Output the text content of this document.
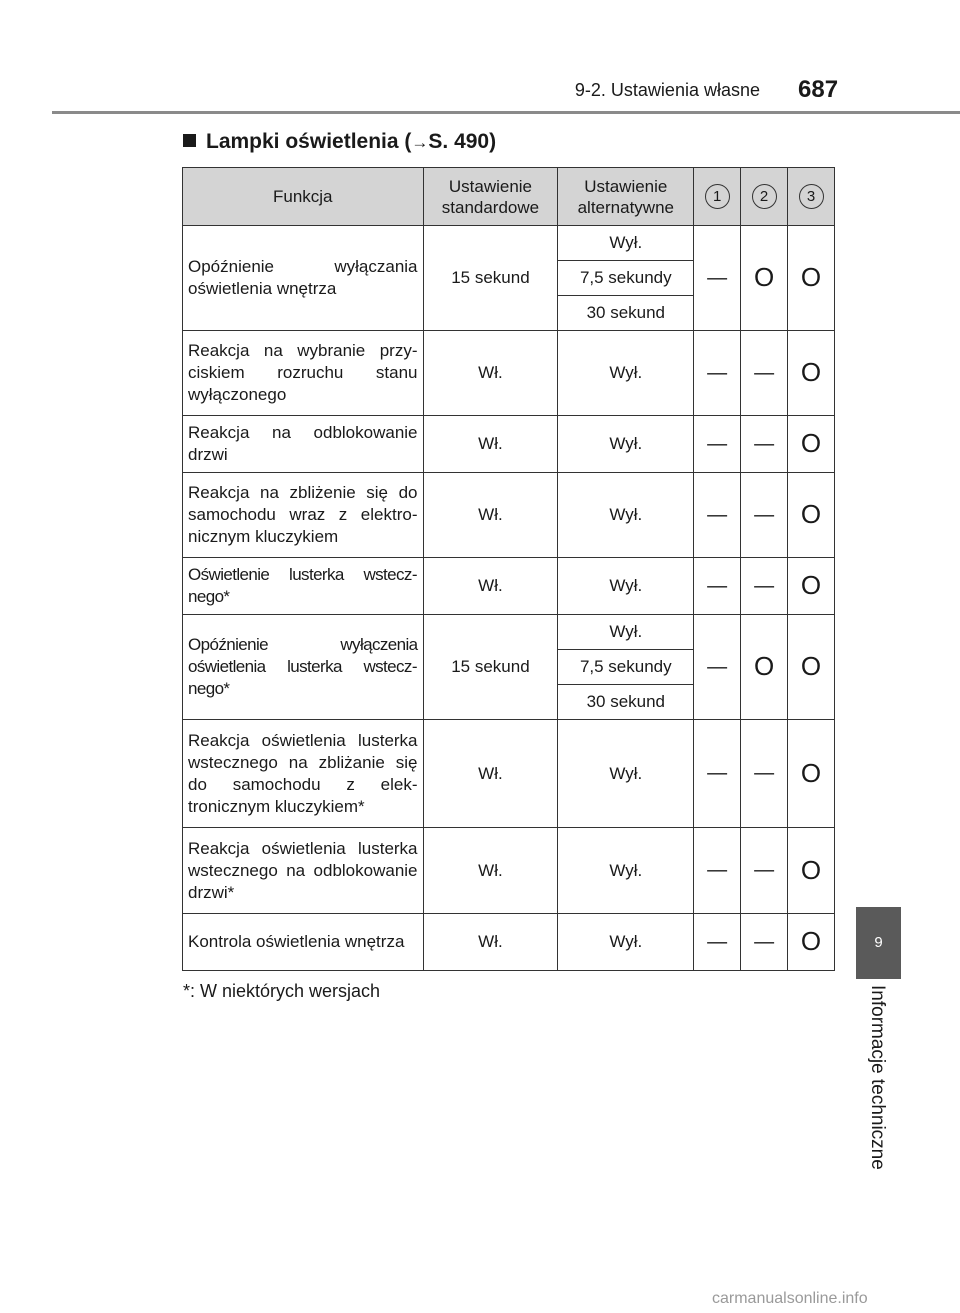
9-2. Ustawienia własne 687
Lampki oświetlenia (→S. 490)
Funkcja	Ustawienie standardowe	Ustawienie alternatywne	1	2	3
Opóźnienie wyłączania oświetlenia wnętrza	15 sekund	Wył.	—	O	O
		7,5 sekundy			
		30 sekund			
Reakcja na wybranie przyciskiem rozruchu stanu wyłączonego	Wł.	Wył.	—	—	O
Reakcja na odblokowanie drzwi	Wł.	Wył.	—	—	O
Reakcja na zbliżenie się do samochodu wraz z elektronicznym kluczykiem	Wł.	Wył.	—	—	O
Oświetlenie lusterka wstecznego*	Wł.	Wył.	—	—	O
Opóźnienie wyłączenia oświetlenia lusterka wstecznego*	15 sekund	Wył.	—	O	O
		7,5 sekundy			
		30 sekund			
Reakcja oświetlenia lusterka wstecznego na zbliżanie się do samochodu z elektronicznym kluczykiem*	Wł.	Wył.	—	—	O
Reakcja oświetlenia lusterka wstecznego na odblokowanie drzwi*	Wł.	Wył.	—	—	O
Kontrola oświetlenia wnętrza	Wł.	Wył.	—	—	O
*: W niektórych wersjach
9
Informacje techniczne
carmanualsonline.info
